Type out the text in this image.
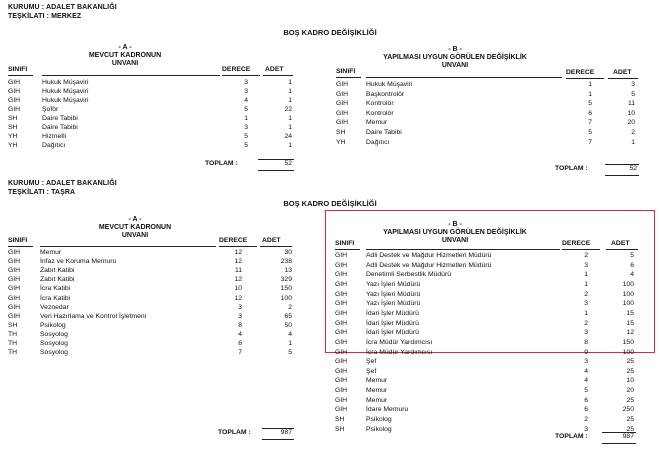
KURUMU : ADALET BAKANLIĞI
TEŞKİLATI : MERKEZ
BOŞ KADRO DEĞİŞİKLİĞİ
- A -
MEVCUT KADRONUN
UNVANI
SINIFI	DERECE ADET
GIH	Hukuk Müşaviri	3	1
GIH	Hukuk Müşaviri	3	1
GIH	Hukuk Müşaviri	4	1
GIH	Şoför	5	22
SH	Daire Tabibi	1	1
SH	Daire Tabibi	3	1
YH	Hizmetli	5	24
YH	Dağıtıcı	5	1
TOPLAM :	52
- B -
YAPILMASI UYGUN GÖRÜLEN DEĞİŞİKLİK
UNVANI
SINIFI	DERECE	ADET
GIH	Hukuk Müşaviri	1	3
GIH	Başkontrolör	1	5
GIH	Kontrolör	5	11
GIH	Kontrolör	6	10
GIH	Memur	7	20
SH	Daire Tabibi	5	2
YH	Dağıtıcı	7	1
TOPLAM :	52
KURUMU : ADALET BAKANLIĞI
TEŞKİLATI : TAŞRA
BOŞ KADRO DEĞİŞİKLİĞİ
- A -
MEVCUT KADRONUN
UNVANI
SINIFI	DERECE ADET
GIH	Memur	12	30
GIH	İnfaz ve Koruma Memuru	12	238
GIH	Zabıt Katibi	11	13
GIH	Zabıt Katibi	12	329
GIH	İcra Katibi	10	150
GIH	İcra Katibi	12	100
GIH	Veznedar	3	2
GIH	Veri Hazırlama ve Kontrol İşletmeni	3	65
SH	Psikolog	8	50
TH	Sosyolog	4	4
TH	Sosyolog	6	1
TH	Sosyolog	7	5
TOPLAM :	987
- B -
YAPILMASI UYGUN GÖRÜLEN DEĞİŞİKLİK
UNVANI
SINIFI	DERECE	ADET
GIH	Adli Destek ve Mağdur Hizmetleri Müdürü	2	5
GIH	Adli Destek ve Mağdur Hizmetleri Müdürü	3	6
GIH	Denetimli Serbestlik Müdürü	1	4
GIH	Yazı İşleri Müdürü	1	100
GIH	Yazı İşleri Müdürü	2	100
GIH	Yazı İşleri Müdürü	3	100
GIH	İdari İşler Müdürü	1	15
GIH	İdari İşler Müdürü	2	15
GIH	İdari İşler Müdürü	3	12
GIH	İcra Müdür Yardımcısı	8	150
GIH	İcra Müdür Yardımcısı	9	100
GIH	Şef	3	25
GIH	Şef	4	25
GIH	Memur	4	10
GIH	Memur	5	20
GIH	Memur	6	25
GIH	İdare Memuru	6	250
SH	Psikolog	2	25
SH	Psikolog	3	25
TOPLAM :	987
